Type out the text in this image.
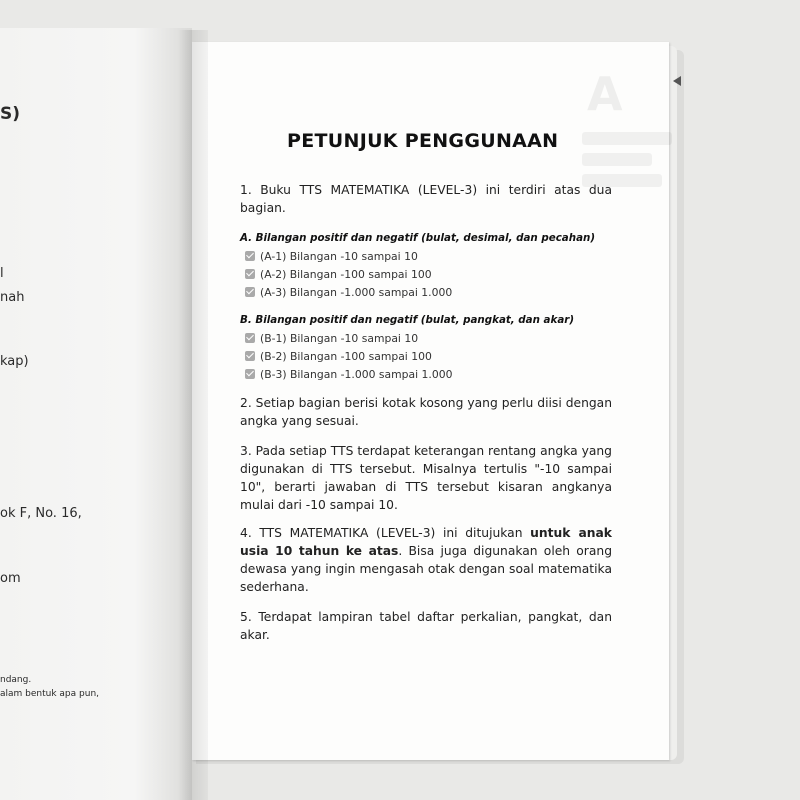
S)
l
nah
kap)
ok F, No. 16,
om
ndang.
alam bentuk apa pun,
A
PETUNJUK PENGGUNAAN
1. Buku TTS MATEMATIKA (LEVEL-3) ini terdiri atas dua bagian.
A. Bilangan positif dan negatif (bulat, desimal, dan pecahan)
(A-1) Bilangan -10 sampai 10
(A-2) Bilangan -100 sampai 100
(A-3) Bilangan -1.000 sampai 1.000
B. Bilangan positif dan negatif (bulat, pangkat, dan akar)
(B-1) Bilangan -10 sampai 10
(B-2) Bilangan -100 sampai 100
(B-3) Bilangan -1.000 sampai 1.000
2. Setiap bagian berisi kotak kosong yang perlu diisi dengan angka yang sesuai.
3. Pada setiap TTS terdapat keterangan rentang angka yang digunakan di TTS tersebut. Misalnya tertulis "-10 sampai 10", berarti jawaban di TTS tersebut kisaran angkanya mulai dari -10 sampai 10.
4. TTS MATEMATIKA (LEVEL-3) ini ditujukan untuk anak usia 10 tahun ke atas. Bisa juga digunakan oleh orang dewasa yang ingin mengasah otak dengan soal matematika sederhana.
5. Terdapat lampiran tabel daftar perkalian, pangkat, dan akar.
